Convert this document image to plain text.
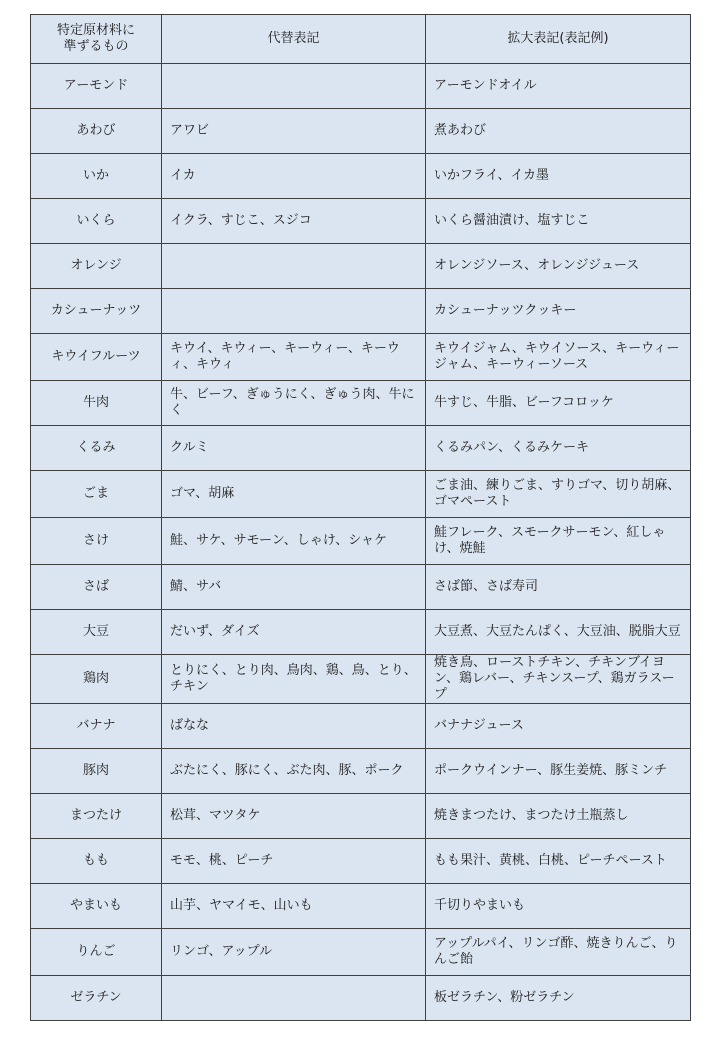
特定原材料に
準ずるもの	代替表記	拡大表記(表記例)
アーモンド		アーモンドオイル
あわび	アワビ	煮あわび
いか	イカ	いかフライ、イカ墨
いくら	イクラ、すじこ、スジコ	いくら醤油漬け、塩すじこ
オレンジ		オレンジソース、オレンジジュース
カシューナッツ		カシューナッツクッキー
キウイフルーツ	キウイ、キウィー、キーウィー、キーウィ、キウィ	キウイジャム、キウイソース、キーウィージャム、キーウィーソース
牛肉	牛、ビーフ、ぎゅうにく、ぎゅう肉、牛にく	牛すじ、牛脂、ビーフコロッケ
くるみ	クルミ	くるみパン、くるみケーキ
ごま	ゴマ、胡麻	ごま油、練りごま、すりゴマ、切り胡麻、ゴマペースト
さけ	鮭、サケ、サモーン、しゃけ、シャケ	鮭フレーク、スモークサーモン、紅しゃけ、焼鮭
さば	鯖、サバ	さば節、さば寿司
大豆	だいず、ダイズ	大豆煮、大豆たんぱく、大豆油、脱脂大豆
鶏肉	とりにく、とり肉、鳥肉、鶏、鳥、とり、チキン	焼き鳥、ローストチキン、チキンブイヨン、鶏レバー、チキンスープ、鶏ガラスープ
バナナ	ばなな	バナナジュース
豚肉	ぶたにく、豚にく、ぶた肉、豚、ポーク	ポークウインナー、豚生姜焼、豚ミンチ
まつたけ	松茸、マツタケ	焼きまつたけ、まつたけ土瓶蒸し
もも	モモ、桃、ピーチ	もも果汁、黄桃、白桃、ピーチペースト
やまいも	山芋、ヤマイモ、山いも	千切りやまいも
りんご	リンゴ、アップル	アップルパイ、リンゴ酢、焼きりんご、りんご飴
ゼラチン		板ゼラチン、粉ゼラチン
